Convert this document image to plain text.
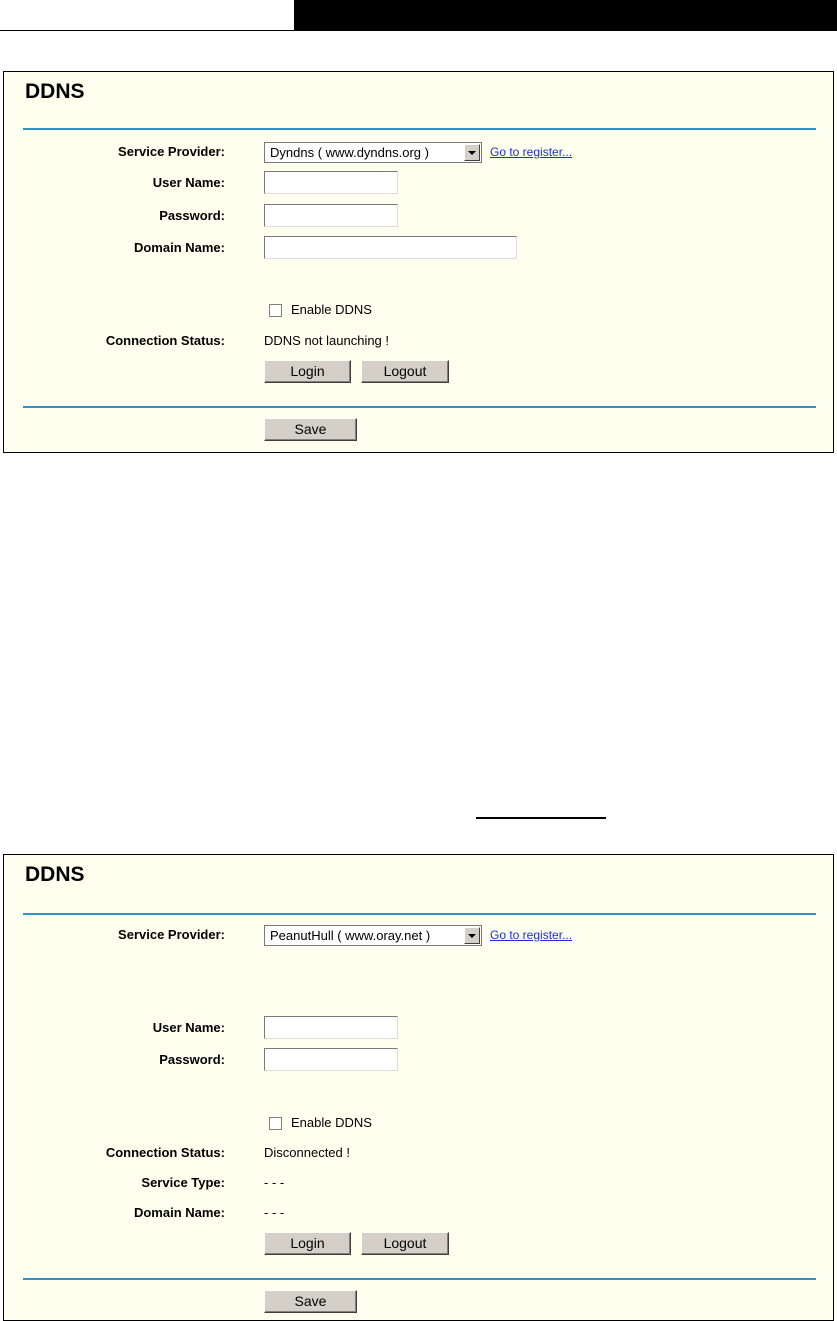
DDNS
Service Provider:	Dyndns ( www.dyndns.org )	Go to register...
User Name:
Password:
Domain Name:
Enable DDNS
Connection Status:	DDNS not launching !
Login	Logout
Save
DDNS
Service Provider:	PeanutHull ( www.oray.net )	Go to register...
User Name:
Password:
Enable DDNS
Connection Status:	Disconnected !
Service Type:	- - -
Domain Name:	- - -
Login	Logout
Save
